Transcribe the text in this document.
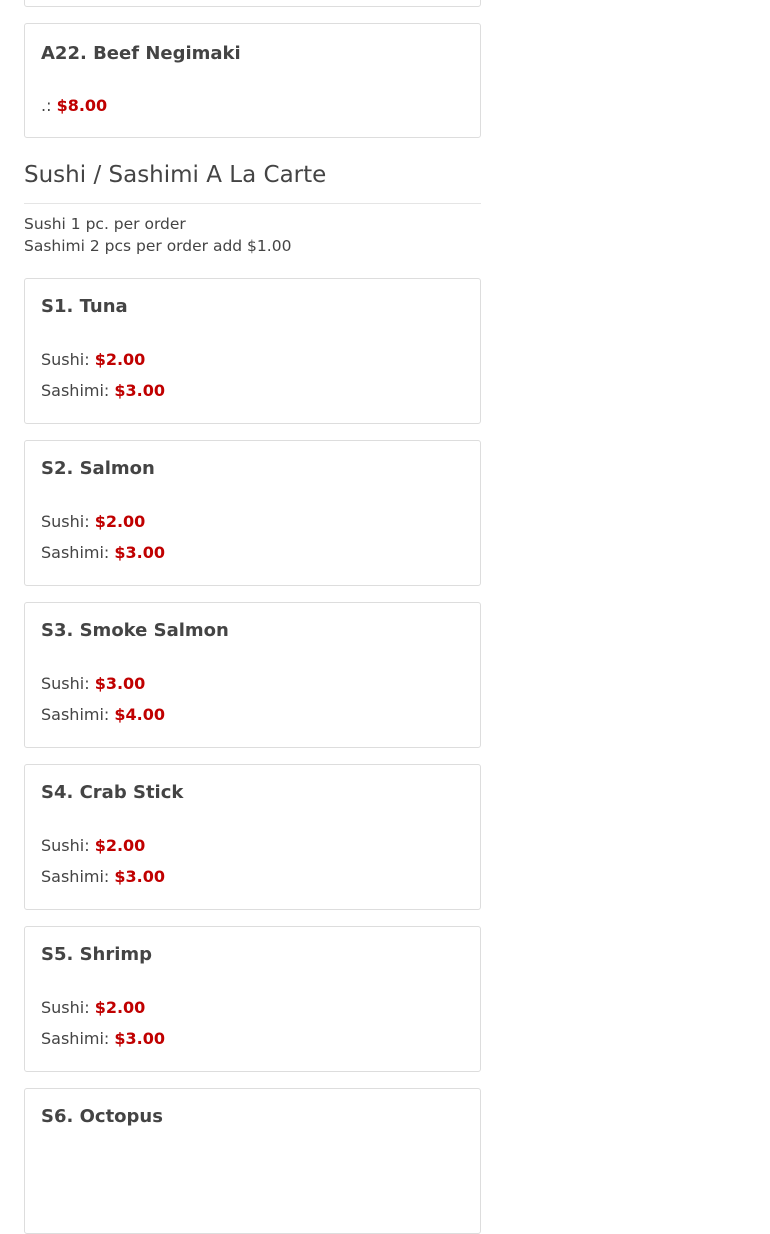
A22. Beef Negimaki
.: $8.00
Sushi / Sashimi A La Carte
Sushi 1 pc. per order
Sashimi 2 pcs per order add $1.00
S1. Tuna
Sushi: $2.00
Sashimi: $3.00
S2. Salmon
Sushi: $2.00
Sashimi: $3.00
S3. Smoke Salmon
Sushi: $3.00
Sashimi: $4.00
S4. Crab Stick
Sushi: $2.00
Sashimi: $3.00
S5. Shrimp
Sushi: $2.00
Sashimi: $3.00
S6. Octopus
